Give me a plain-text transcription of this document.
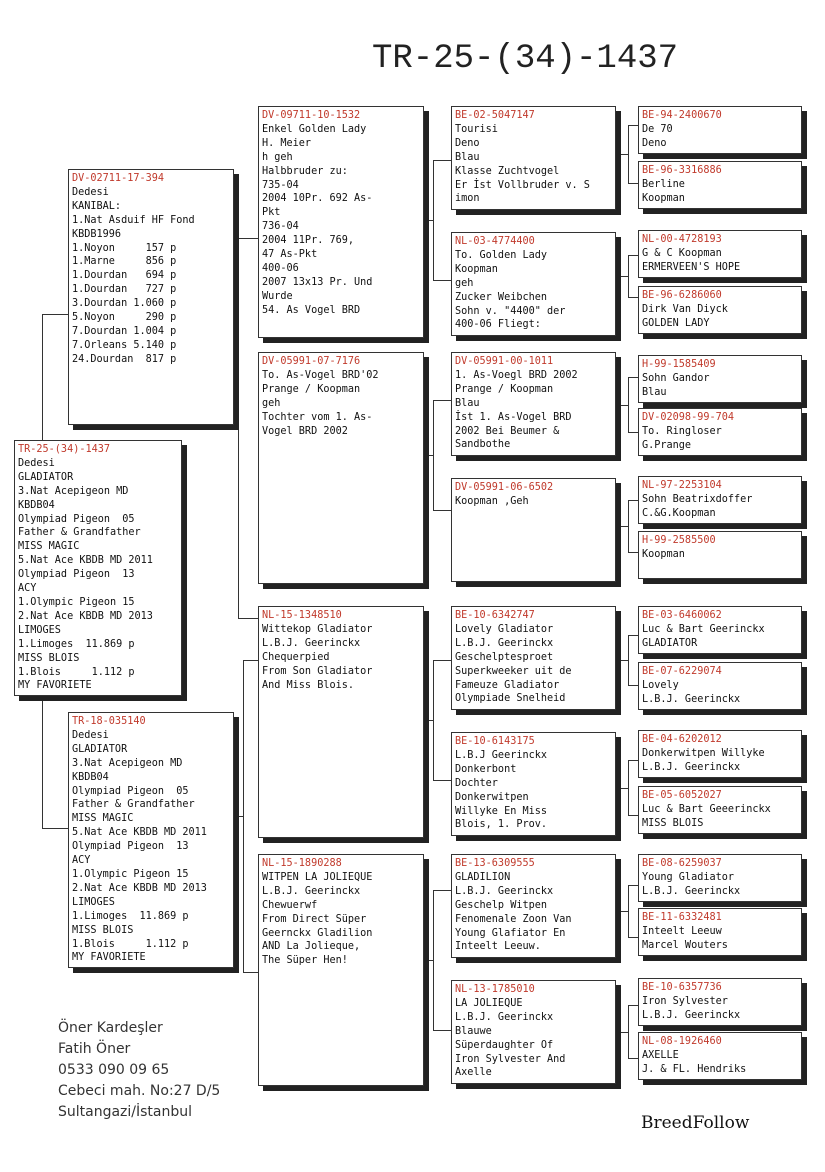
TR-25-(34)-1437
TR-25-(34)-1437
Dedesi
GLADIATOR
3.Nat Acepigeon MD
KBDB04
Olympiad Pigeon  05
Father & Grandfather
MISS MAGIC
5.Nat Ace KBDB MD 2011
Olympiad Pigeon  13
ACY
1.Olympic Pigeon 15
2.Nat Ace KBDB MD 2013
LIMOGES
1.Limoges  11.869 p
MISS BLOIS
1.Blois     1.112 p
MY FAVORIETE
DV-02711-17-394
Dedesi
KANIBAL:
1.Nat Asduif HF Fond
KBDB1996
1.Noyon     157 p
1.Marne     856 p
1.Dourdan   694 p
1.Dourdan   727 p
3.Dourdan 1.060 p
5.Noyon     290 p
7.Dourdan 1.004 p
7.Orleans 5.140 p
24.Dourdan  817 p
TR-18-035140
Dedesi
GLADIATOR
3.Nat Acepigeon MD
KBDB04
Olympiad Pigeon  05
Father & Grandfather
MISS MAGIC
5.Nat Ace KBDB MD 2011
Olympiad Pigeon  13
ACY
1.Olympic Pigeon 15
2.Nat Ace KBDB MD 2013
LIMOGES
1.Limoges  11.869 p
MISS BLOIS
1.Blois     1.112 p
MY FAVORIETE
DV-09711-10-1532
Enkel Golden Lady
H. Meier
h geh
Halbbruder zu:
735-04
2004 10Pr. 692 As-
Pkt
736-04
2004 11Pr. 769,
47 As-Pkt
400-06
2007 13x13 Pr. Und
Wurde
54. As Vogel BRD
DV-05991-07-7176
To. As-Vogel BRD'02
Prange / Koopman
geh
Tochter vom 1. As-
Vogel BRD 2002
NL-15-1348510
Wittekop Gladiator
L.B.J. Geerinckx
Chequerpied
From Son Gladiator
And Miss Blois.
NL-15-1890288
WITPEN LA JOLIEQUE
L.B.J. Geerinckx
Chewuerwf
From Direct Süper
Geernckx Gladilion
AND La Jolieque,
The Süper Hen!
BE-02-5047147
Tourisi
Deno
Blau
Klasse Zuchtvogel
Er İst Vollbruder v. S
imon
NL-03-4774400
To. Golden Lady
Koopman
geh
Zucker Weibchen
Sohn v. "4400" der
400-06 Fliegt:
DV-05991-00-1011
1. As-Voegl BRD 2002
Prange / Koopman
Blau
İst 1. As-Vogel BRD
2002 Bei Beumer &
Sandbothe
DV-05991-06-6502
Koopman ,Geh
BE-10-6342747
Lovely Gladiator
L.B.J. Geerinckx
Geschelptesproet
Superkweeker uit de
Fameuze Gladiator
Olympiade Snelheid
BE-10-6143175
L.B.J Geerinckx
Donkerbont
Dochter
Donkerwitpen
Willyke En Miss
Blois, 1. Prov.
BE-13-6309555
GLADILION
L.B.J. Geerinckx
Geschelp Witpen
Fenomenale Zoon Van
Young Glafiator En
Inteelt Leeuw.
NL-13-1785010
LA JOLIEQUE
L.B.J. Geerinckx
Blauwe
Süperdaughter Of
Iron Sylvester And
Axelle
BE-94-2400670
De 70
Deno
BE-96-3316886
Berline
Koopman
NL-00-4728193
G & C Koopman
ERMERVEEN'S HOPE
BE-96-6286060
Dirk Van Diyck
GOLDEN LADY
H-99-1585409
Sohn Gandor
Blau
DV-02098-99-704
To. Ringloser
G.Prange
NL-97-2253104
Sohn Beatrixdoffer
C.&G.Koopman
H-99-2585500
Koopman
BE-03-6460062
Luc & Bart Geerinckx
GLADIATOR
BE-07-6229074
Lovely
L.B.J. Geerinckx
BE-04-6202012
Donkerwitpen Willyke
L.B.J. Geerinckx
BE-05-6052027
Luc & Bart Geeerinckx
MISS BLOIS
BE-08-6259037
Young Gladiator
L.B.J. Geerinckx
BE-11-6332481
Inteelt Leeuw
Marcel Wouters
BE-10-6357736
Iron Sylvester
L.B.J. Geerinckx
NL-08-1926460
AXELLE
J. & FL. Hendriks
Öner Kardeşler
Fatih Öner
0533 090 09 65
Cebeci mah. No:27 D/5
Sultangazi/İstanbul
BreedFollow
